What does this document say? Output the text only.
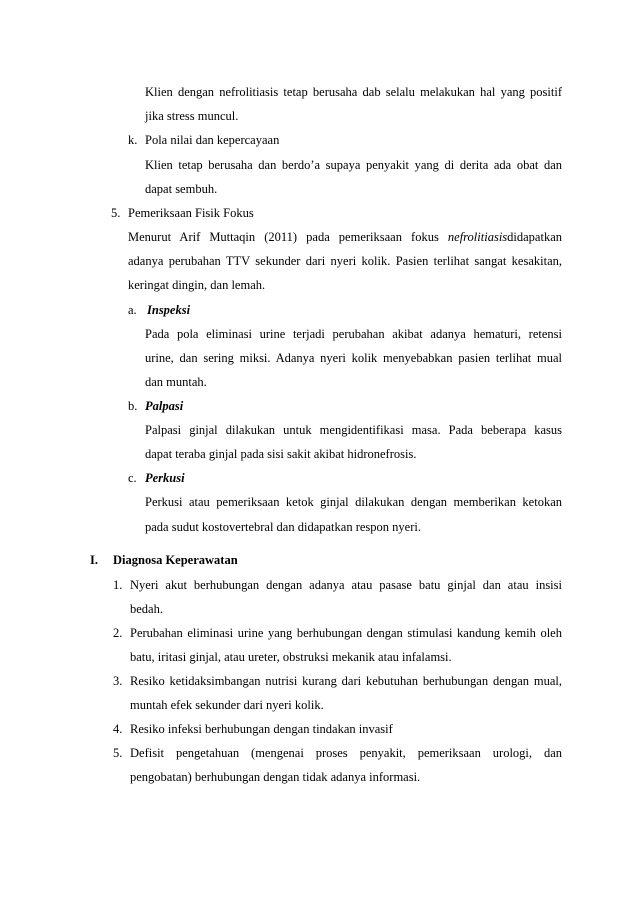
Klien dengan nefrolitiasis tetap berusaha dab selalu melakukan hal yang positif
jika stress muncul.
k. Pola nilai dan kepercayaan
Klien tetap berusaha dan berdo’a supaya penyakit yang di derita ada obat dan
dapat sembuh.
5. Pemeriksaan Fisik Fokus
Menurut Arif Muttaqin (2011) pada pemeriksaan fokus nefrolitiasisdidapatkan
adanya perubahan TTV sekunder dari nyeri kolik. Pasien terlihat sangat kesakitan,
keringat dingin, dan lemah.
a. Inspeksi
Pada pola eliminasi urine terjadi perubahan akibat adanya hematuri, retensi
urine, dan sering miksi. Adanya nyeri kolik menyebabkan pasien terlihat mual
dan muntah.
b. Palpasi
Palpasi ginjal dilakukan untuk mengidentifikasi masa. Pada beberapa kasus
dapat teraba ginjal pada sisi sakit akibat hidronefrosis.
c. Perkusi
Perkusi atau pemeriksaan ketok ginjal dilakukan dengan memberikan ketokan
pada sudut kostovertebral dan didapatkan respon nyeri.
I. Diagnosa Keperawatan
1. Nyeri akut berhubungan dengan adanya atau pasase batu ginjal dan atau insisi
bedah.
2. Perubahan eliminasi urine yang berhubungan dengan stimulasi kandung kemih oleh
batu, iritasi ginjal, atau ureter, obstruksi mekanik atau infalamsi.
3. Resiko ketidaksimbangan nutrisi kurang dari kebutuhan berhubungan dengan mual,
muntah efek sekunder dari nyeri kolik.
4. Resiko infeksi berhubungan dengan tindakan invasif
5. Defisit pengetahuan (mengenai proses penyakit, pemeriksaan urologi, dan
pengobatan) berhubungan dengan tidak adanya informasi.
